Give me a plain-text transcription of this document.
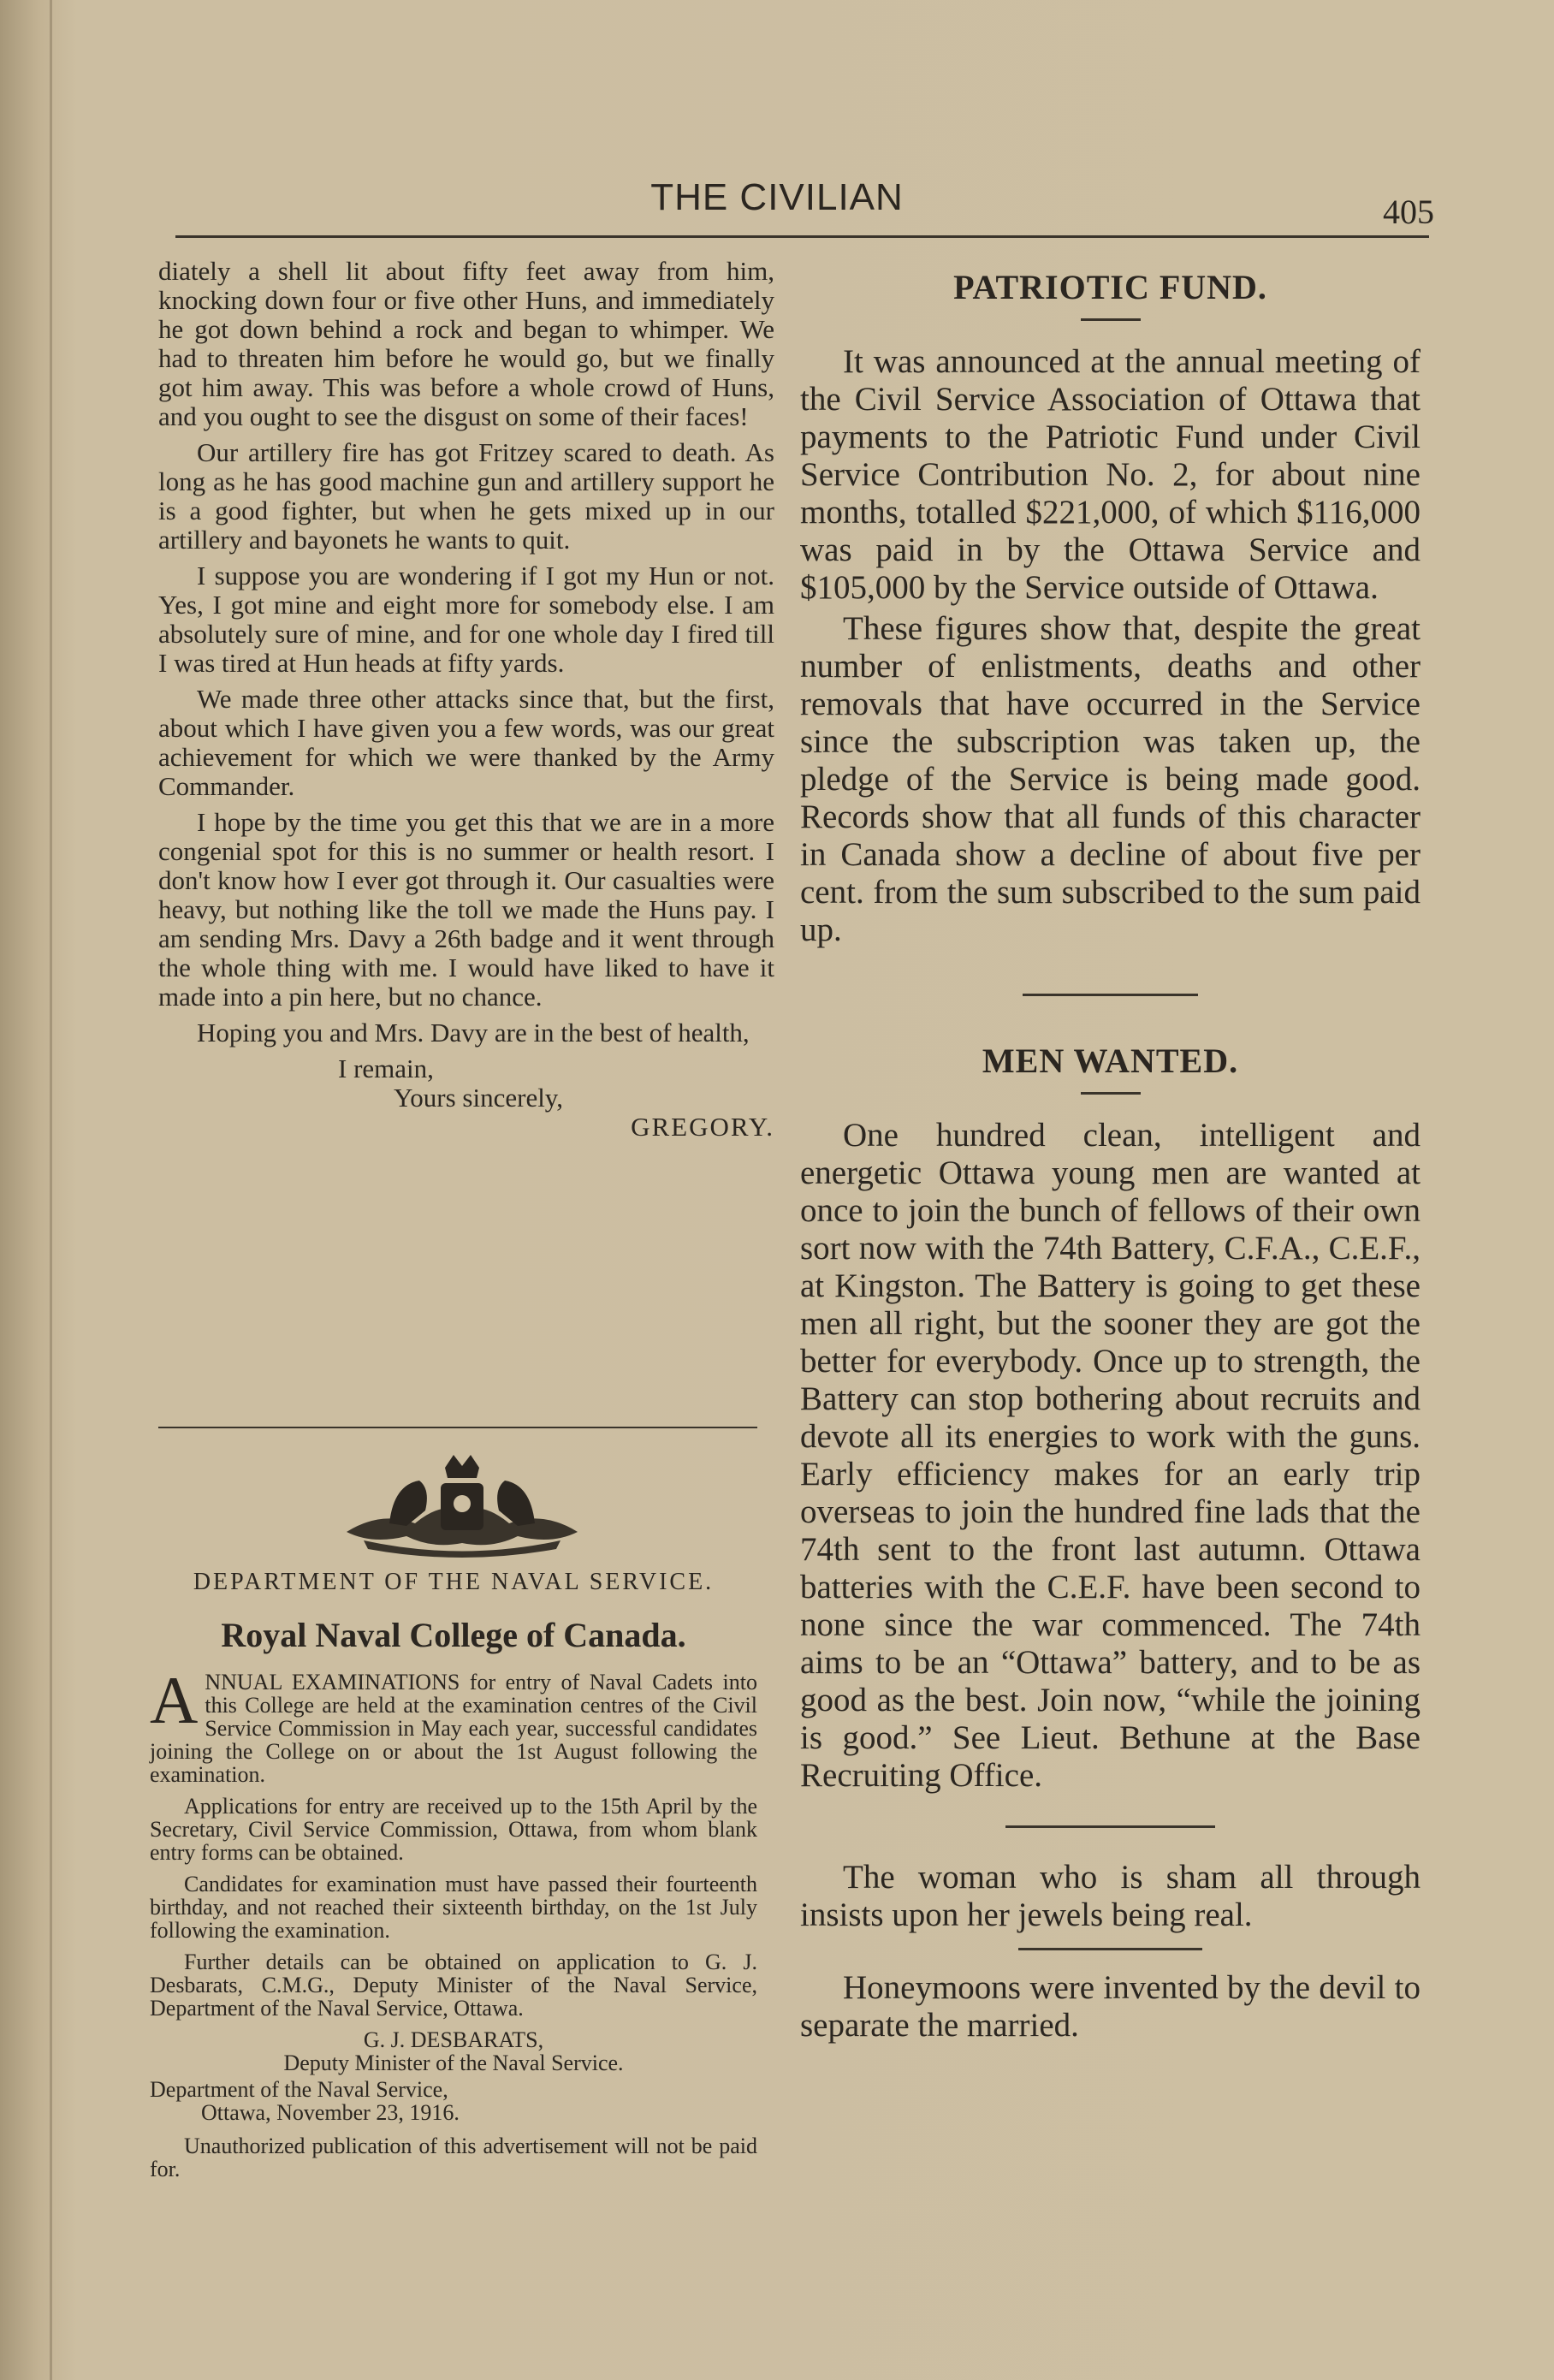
THE CIVILIAN	405

diately a shell lit about fifty feet away from him, knocking down four or five other Huns, and immediately he got down behind a rock and began to whimper. We had to threaten him before he would go, but we finally got him away. This was before a whole crowd of Huns, and you ought to see the disgust on some of their faces!

Our artillery fire has got Fritzey scared to death. As long as he has good machine gun and artillery support he is a good fighter, but when he gets mixed up in our artillery and bayonets he wants to quit.

I suppose you are wondering if I got my Hun or not. Yes, I got mine and eight more for somebody else. I am absolutely sure of mine, and for one whole day I fired till I was tired at Hun heads at fifty yards.

We made three other attacks since that, but the first, about which I have given you a few words, was our great achievement for which we were thanked by the Army Commander.

I hope by the time you get this that we are in a more congenial spot for this is no summer or health resort. I don't know how I ever got through it. Our casualties were heavy, but nothing like the toll we made the Huns pay. I am sending Mrs. Davy a 26th badge and it went through the whole thing with me. I would have liked to have it made into a pin here, but no chance.

Hoping you and Mrs. Davy are in the best of health,

I remain,
Yours sincerely,
GREGORY.
DEPARTMENT OF THE NAVAL SERVICE.
Royal Naval College of Canada.

ANNUAL EXAMINATIONS for entry of Naval Cadets into this College are held at the examination centres of the Civil Service Commission in May each year, successful candidates joining the College on or about the 1st August following the examination.

Applications for entry are received up to the 15th April by the Secretary, Civil Service Commission, Ottawa, from whom blank entry forms can be obtained.

Candidates for examination must have passed their fourteenth birthday, and not reached their sixteenth birthday, on the 1st July following the examination.

Further details can be obtained on application to G. J. Desbarats, C.M.G., Deputy Minister of the Naval Service, Department of the Naval Service, Ottawa.

G. J. DESBARATS,
Deputy Minister of the Naval Service.
Department of the Naval Service,
Ottawa, November 23, 1916.

Unauthorized publication of this advertisement will not be paid for.

PATRIOTIC FUND.

It was announced at the annual meeting of the Civil Service Association of Ottawa that payments to the Patriotic Fund under Civil Service Contribution No. 2, for about nine months, totalled $221,000, of which $116,000 was paid in by the Ottawa Service and $105,000 by the Service outside of Ottawa.

These figures show that, despite the great number of enlistments, deaths and other removals that have occurred in the Service since the subscription was taken up, the pledge of the Service is being made good. Records show that all funds of this character in Canada show a decline of about five per cent. from the sum subscribed to the sum paid up.

MEN WANTED.

One hundred clean, intelligent and energetic Ottawa young men are wanted at once to join the bunch of fellows of their own sort now with the 74th Battery, C.F.A., C.E.F., at Kingston. The Battery is going to get these men all right, but the sooner they are got the better for everybody. Once up to strength, the Battery can stop bothering about recruits and devote all its energies to work with the guns. Early efficiency makes for an early trip overseas to join the hundred fine lads that the 74th sent to the front last autumn. Ottawa batteries with the C.E.F. have been second to none since the war commenced. The 74th aims to be an “Ottawa” battery, and to be as good as the best. Join now, “while the joining is good.” See Lieut. Bethune at the Base Recruiting Office.

The woman who is sham all through insists upon her jewels being real.

Honeymoons were invented by the devil to separate the married.
